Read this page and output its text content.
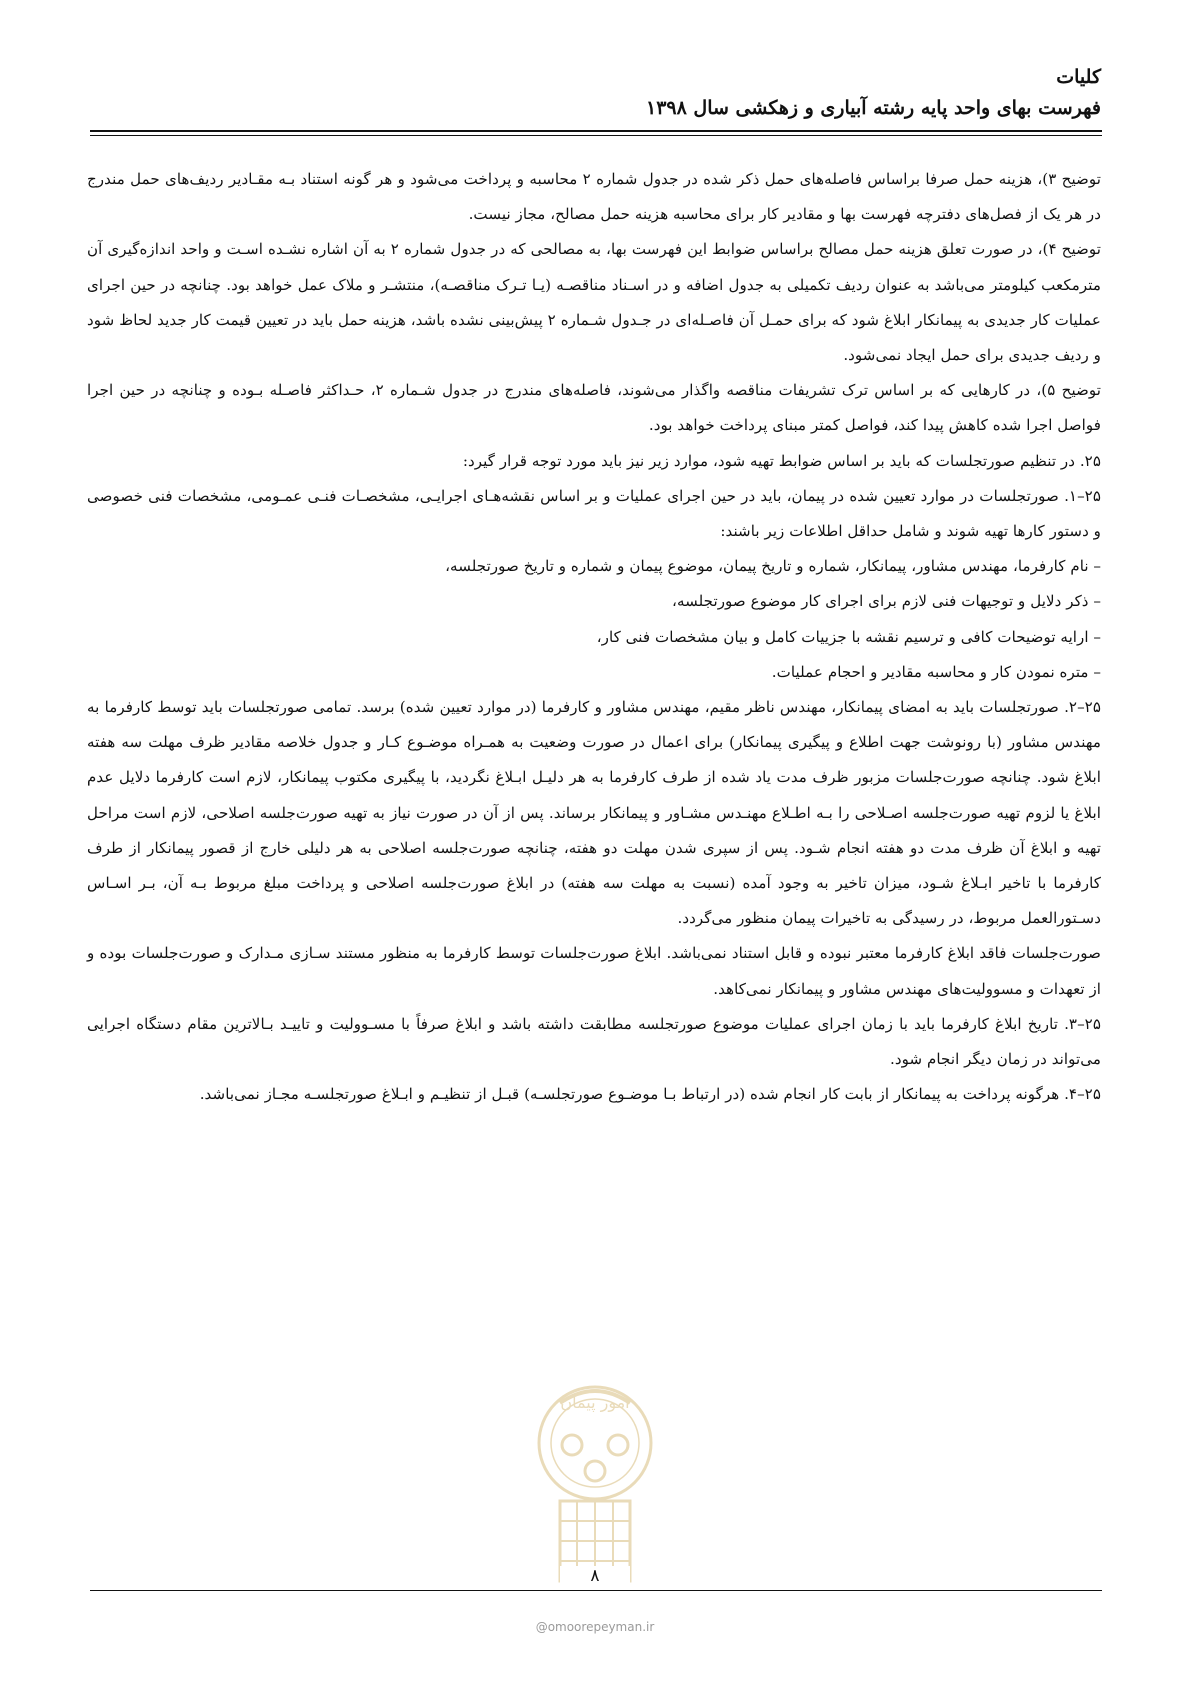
کلیات
فهرست بهای واحد پایه رشته آبیاری و زهکشی سال ۱۳۹۸

توضیح ۳)، هزینه حمل صرفا براساس فاصله‌های حمل ذکر شده در جدول شماره ۲ محاسبه و پرداخت می‌شود و هر گونه استناد بـه مقـادیر ردیف‌های حمل مندرج در هر یک از فصل‌های دفترچه فهرست بها و مقادیر کار برای محاسبه هزینه حمل مصالح، مجاز نیست.

توضیح ۴)، در صورت تعلق هزینه حمل مصالح براساس ضوابط این فهرست بها، به مصالحی که در جدول شماره ۲ به آن اشاره نشـده اسـت و واحد اندازه‌گیری آن مترمکعب کیلومتر می‌باشد به عنوان ردیف تکمیلی به جدول اضافه و در اسـناد مناقصـه (یـا تـرک مناقصـه)، منتشـر و ملاک عمل خواهد بود. چنانچه در حین اجرای عملیات کار جدیدی به پیمانکار ابلاغ شود که برای حمـل آن فاصـله‌ای در جـدول شـماره ۲ پیش‌بینی نشده باشد، هزینه حمل باید در تعیین قیمت کار جدید لحاظ شود و ردیف جدیدی برای حمل ایجاد نمی‌شود.

توضیح ۵)، در کارهایی که بر اساس ترک تشریفات مناقصه واگذار می‌شوند، فاصله‌های مندرج در جدول شـماره ۲، حـداکثر فاصـله بـوده و چنانچه در حین اجرا فواصل اجرا شده کاهش پیدا کند، فواصل کمتر مبنای پرداخت خواهد بود.

۲۵. در تنظیم صورتجلسات که باید بر اساس ضوابط تهیه شود، موارد زیر نیز باید مورد توجه قرار گیرد:

۲۵–۱. صورتجلسات در موارد تعیین شده در پیمان، باید در حین اجرای عملیات و بر اساس نقشه‌هـای اجرایـی، مشخصـات فنـی عمـومی، مشخصات فنی خصوصی و دستور کارها تهیه شوند و شامل حداقل اطلاعات زیر باشند:

– نام کارفرما، مهندس مشاور، پیمانکار، شماره و تاریخ پیمان، موضوع پیمان و شماره و تاریخ صورتجلسه،

– ذکر دلایل و توجیهات فنی لازم برای اجرای کار موضوع صورتجلسه،

– ارایه توضیحات کافی و ترسیم نقشه با جزییات کامل و بیان مشخصات فنی کار،

– متره نمودن کار و محاسبه مقادیر و احجام عملیات.

۲۵–۲. صورتجلسات باید به امضای پیمانکار، مهندس ناظر مقیم، مهندس مشاور و کارفرما (در موارد تعیین شده) برسد. تمامی صورتجلسات باید توسط کارفرما به مهندس مشاور (با رونوشت جهت اطلاع و پیگیری پیمانکار) برای اعمال در صورت وضعیت به همـراه موضـوع کـار و جدول خلاصه مقادیر ظرف مهلت سه هفته ابلاغ شود. چنانچه صورت‌جلسات مزبور ظرف مدت یاد شده از طرف کارفرما به هر دلیـل ابـلاغ نگردید، با پیگیری مکتوب پیمانکار، لازم است کارفرما دلایل عدم ابلاغ یا لزوم تهیه صورت‌جلسه اصـلاحی را بـه اطـلاع مهنـدس مشـاور و پیمانکار برساند. پس از آن در صورت نیاز به تهیه صورت‌جلسه اصلاحی، لازم است مراحل تهیه و ابلاغ آن ظرف مدت دو هفته انجام شـود. پس از سپری شدن مهلت دو هفته، چنانچه صورت‌جلسه اصلاحی به هر دلیلی خارج از قصور پیمانکار از طرف کارفرما با تاخیر ابـلاغ شـود، میزان تاخیر به وجود آمده (نسبت به مهلت سه هفته) در ابلاغ صورت‌جلسه اصلاحی و پرداخت مبلغ مربوط بـه آن، بـر اسـاس دسـتورالعمل مربوط، در رسیدگی به تاخیرات پیمان منظور می‌گردد.

صورت‌جلسات فاقد ابلاغ کارفرما معتبر نبوده و قابل استناد نمی‌باشد. ابلاغ صورت‌جلسات توسط کارفرما به منظور مستند سـازی مـدارک و صورت‌جلسات بوده و از تعهدات و مسوولیت‌های مهندس مشاور و پیمانکار نمی‌کاهد.

۲۵–۳. تاریخ ابلاغ کارفرما باید با زمان اجرای عملیات موضوع صورتجلسه مطابقت داشته باشد و ابلاغ صرفاً با مسـوولیت و تاییـد بـالاترین مقام دستگاه اجرایی می‌تواند در زمان دیگر انجام شود.

۲۵–۴. هرگونه پرداخت به پیمانکار از بابت کار انجام شده (در ارتباط بـا موضـوع صورتجلسـه) قبـل از تنظیـم و ابـلاغ صورتجلسـه مجـاز نمی‌باشد.

امور پیمان
۸
@omoorepeyman.ir
